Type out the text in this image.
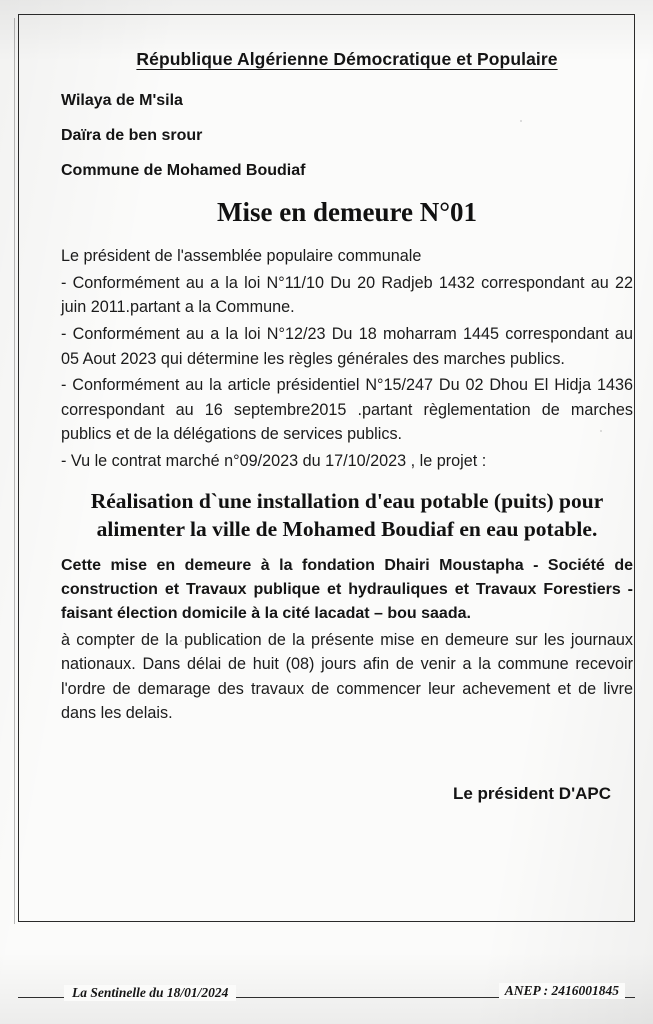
République Algérienne Démocratique et Populaire
Wilaya de M'sila
Daïra de ben srour
Commune de Mohamed Boudiaf
Mise en demeure N°01
Le président de l'assemblée populaire communale
- Conformément au a la loi N°11/10 Du 20 Radjeb 1432 correspondant au 22 juin 2011.partant a la Commune.
- Conformément au a la loi N°12/23 Du 18 moharram 1445 correspondant au 05 Aout 2023 qui détermine les règles générales des marches publics.
- Conformément au la article présidentiel N°15/247 Du 02 Dhou El Hidja 1436 correspondant au 16 septembre2015 .partant règlementation de marches publics et de la délégations de services publics.
- Vu le contrat marché n°09/2023 du 17/10/2023 , le projet :
Réalisation d`une installation d'eau potable (puits) pour alimenter la ville de Mohamed Boudiaf en eau potable.
Cette mise en demeure à la fondation Dhairi Moustapha - Société de construction et Travaux publique et hydrauliques et Travaux Forestiers - faisant élection domicile à la cité lacadat – bou saada.
à compter de la publication de la présente mise en demeure sur les journaux nationaux. Dans délai de huit (08) jours afin de venir a la commune recevoir l'ordre de demarage des travaux de commencer leur achevement et de livre dans les delais.
Le président D'APC
La Sentinelle du 18/01/2024	ANEP : 2416001845
